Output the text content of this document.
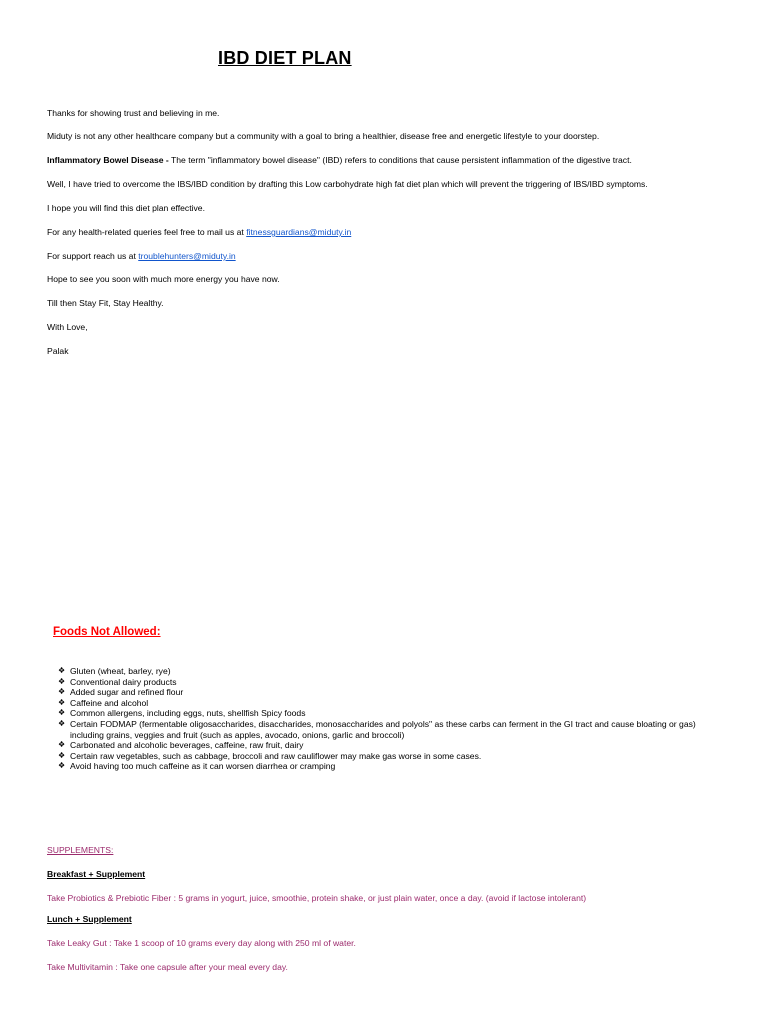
IBD DIET PLAN
Thanks for showing trust and believing in me.
Miduty is not any other healthcare company but a community with a goal to bring a healthier, disease free and energetic lifestyle to your doorstep.
Inflammatory Bowel Disease - The term "inflammatory bowel disease" (IBD) refers to conditions that cause persistent inflammation of the digestive tract.
Well, I have tried to overcome the IBS/IBD condition by drafting this Low carbohydrate high fat diet plan which will prevent the triggering of IBS/IBD symptoms.
I hope you will find this diet plan effective.
For any health-related queries feel free to mail us at fitnessguardians@miduty.in
For support reach us at troublehunters@miduty.in
Hope to see you soon with much more energy you have now.
Till then Stay Fit, Stay Healthy.
With Love,
Palak
Foods Not Allowed:
❖ Gluten (wheat, barley, rye)
❖ Conventional dairy products
❖ Added sugar and refined flour
❖ Caffeine and alcohol
❖ Common allergens, including eggs, nuts, shellfish Spicy foods
❖ Certain FODMAP (fermentable oligosaccharides, disaccharides, monosaccharides and polyols" as these carbs can ferment in the GI tract and cause bloating or gas)
including grains, veggies and fruit (such as apples, avocado, onions, garlic and broccoli)
❖ Carbonated and alcoholic beverages, caffeine, raw fruit, dairy
❖ Certain raw vegetables, such as cabbage, broccoli and raw cauliflower may make gas worse in some cases.
❖ Avoid having too much caffeine as it can worsen diarrhea or cramping
SUPPLEMENTS:
Breakfast + Supplement
Take Probiotics & Prebiotic Fiber : 5 grams in yogurt, juice, smoothie, protein shake, or just plain water, once a day. (avoid if lactose intolerant)
Lunch + Supplement
Take Leaky Gut : Take 1 scoop of 10 grams every day along with 250 ml of water.
Take Multivitamin : Take one capsule after your meal every day.
